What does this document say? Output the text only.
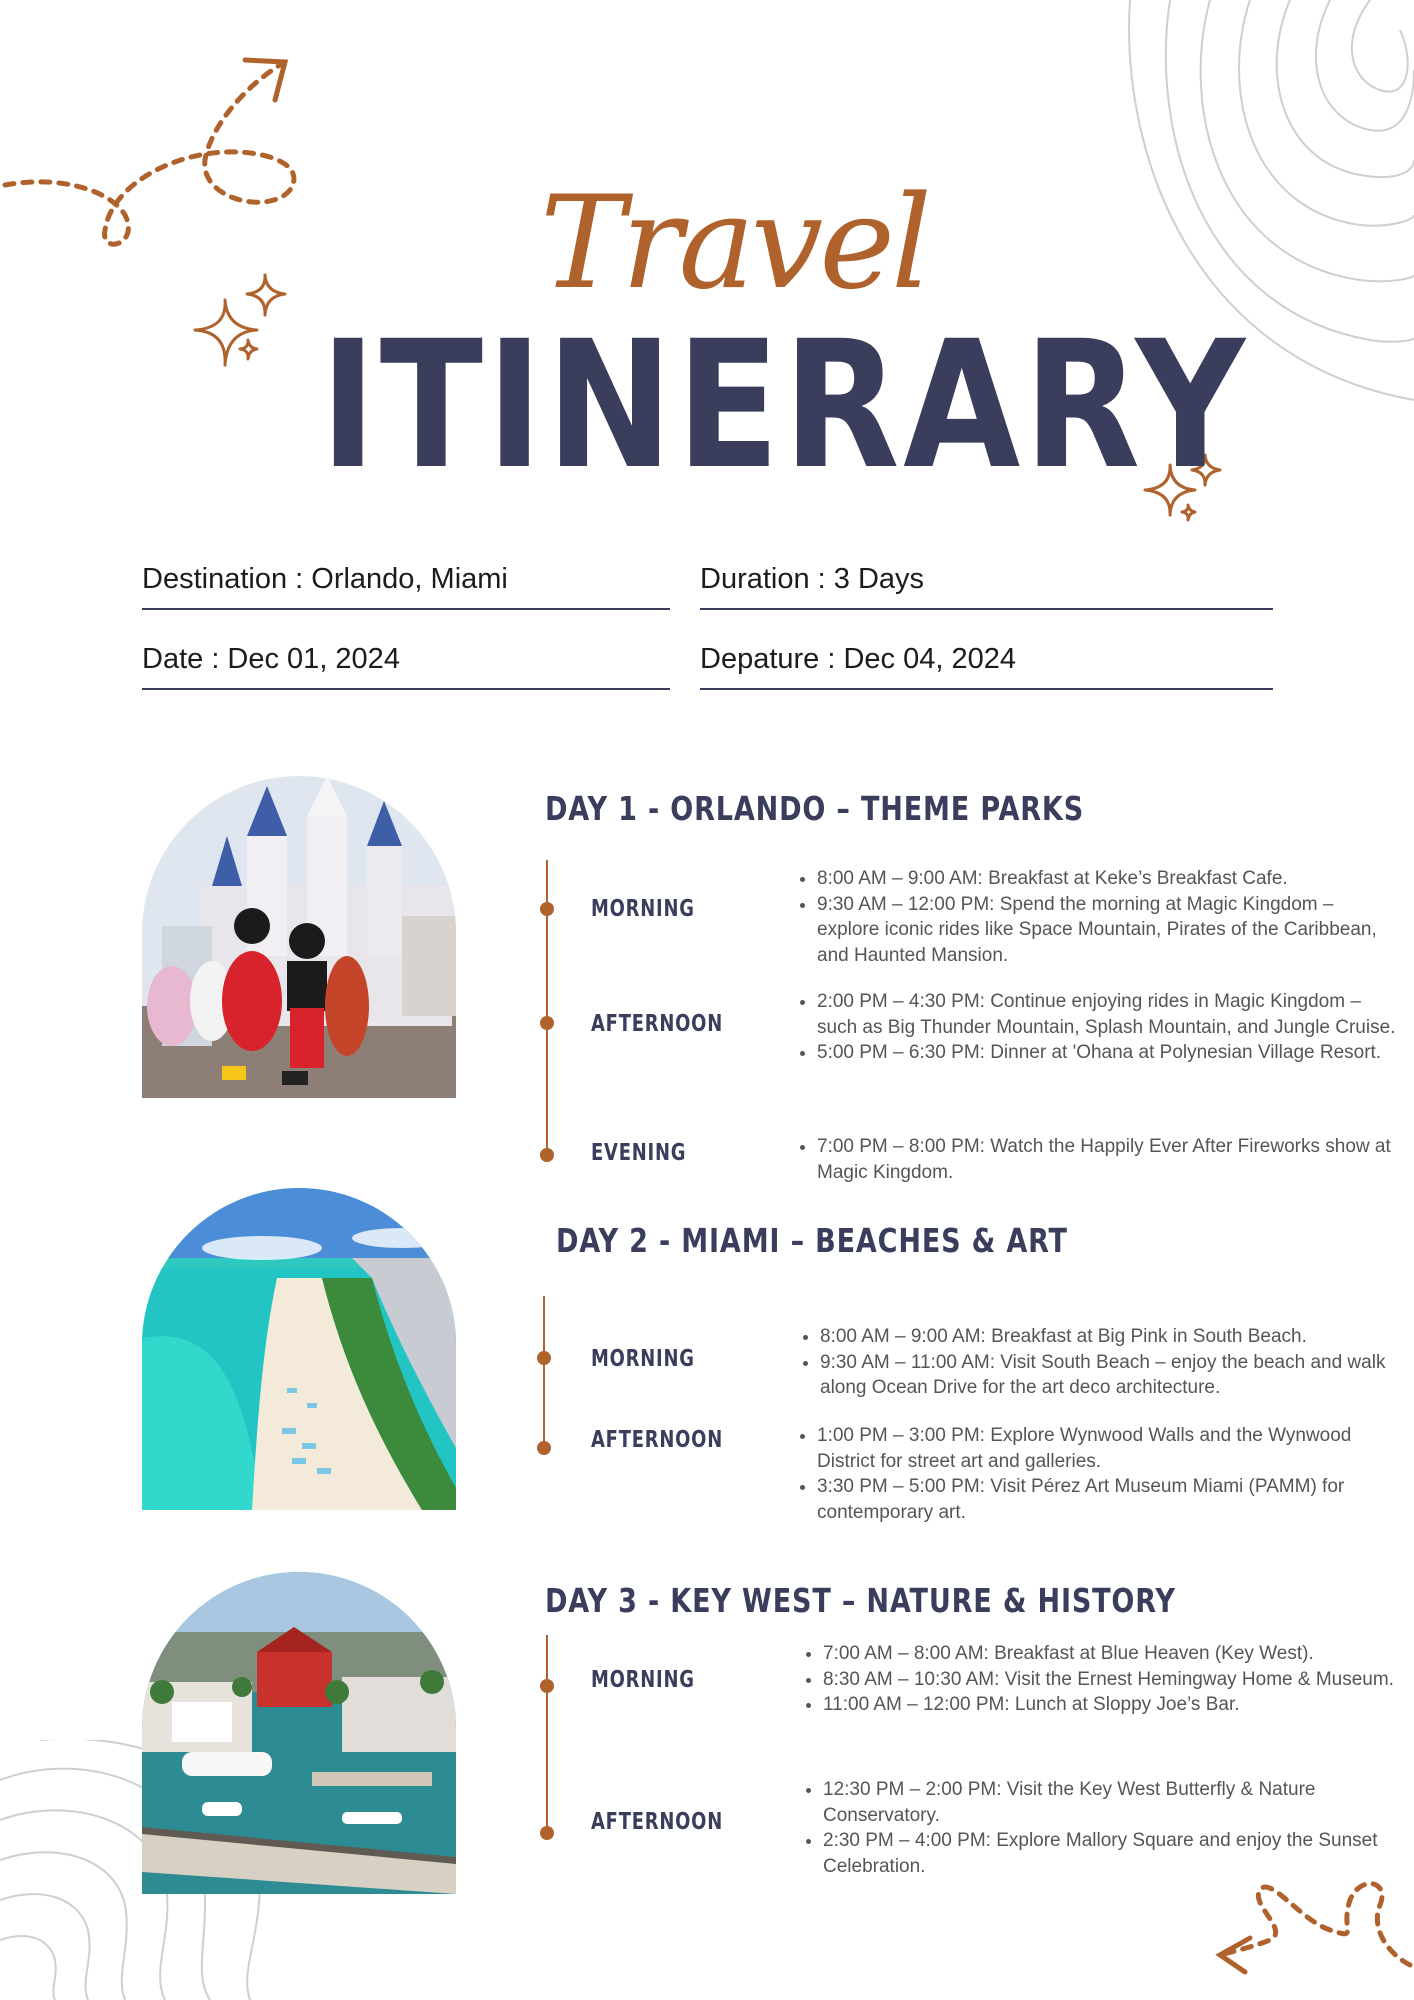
Travel
ITINERARY
Destination : Orlando, Miami	Duration : 3 Days
Date : Dec 01, 2024	Depature : Dec 04, 2024
DAY 1 - ORLANDO – THEME PARKS
MORNING
AFTERNOON
EVENING
• 8:00 AM – 9:00 AM: Breakfast at Keke’s Breakfast Cafe.
• 9:30 AM – 12:00 PM: Spend the morning at Magic Kingdom – explore iconic rides like Space Mountain, Pirates of the Caribbean, and Haunted Mansion.
• 2:00 PM – 4:30 PM: Continue enjoying rides in Magic Kingdom – such as Big Thunder Mountain, Splash Mountain, and Jungle Cruise.
• 5:00 PM – 6:30 PM: Dinner at 'Ohana at Polynesian Village Resort.
• 7:00 PM – 8:00 PM: Watch the Happily Ever After Fireworks show at Magic Kingdom.
DAY 2 - MIAMI – BEACHES & ART
MORNING
AFTERNOON
• 8:00 AM – 9:00 AM: Breakfast at Big Pink in South Beach.
• 9:30 AM – 11:00 AM: Visit South Beach – enjoy the beach and walk along Ocean Drive for the art deco architecture.
• 1:00 PM – 3:00 PM: Explore Wynwood Walls and the Wynwood District for street art and galleries.
• 3:30 PM – 5:00 PM: Visit Pérez Art Museum Miami (PAMM) for contemporary art.
DAY 3 - KEY WEST – NATURE & HISTORY
MORNING
AFTERNOON
• 7:00 AM – 8:00 AM: Breakfast at Blue Heaven (Key West).
• 8:30 AM – 10:30 AM: Visit the Ernest Hemingway Home & Museum.
• 11:00 AM – 12:00 PM: Lunch at Sloppy Joe’s Bar.
• 12:30 PM – 2:00 PM: Visit the Key West Butterfly & Nature Conservatory.
• 2:30 PM – 4:00 PM: Explore Mallory Square and enjoy the Sunset Celebration.
